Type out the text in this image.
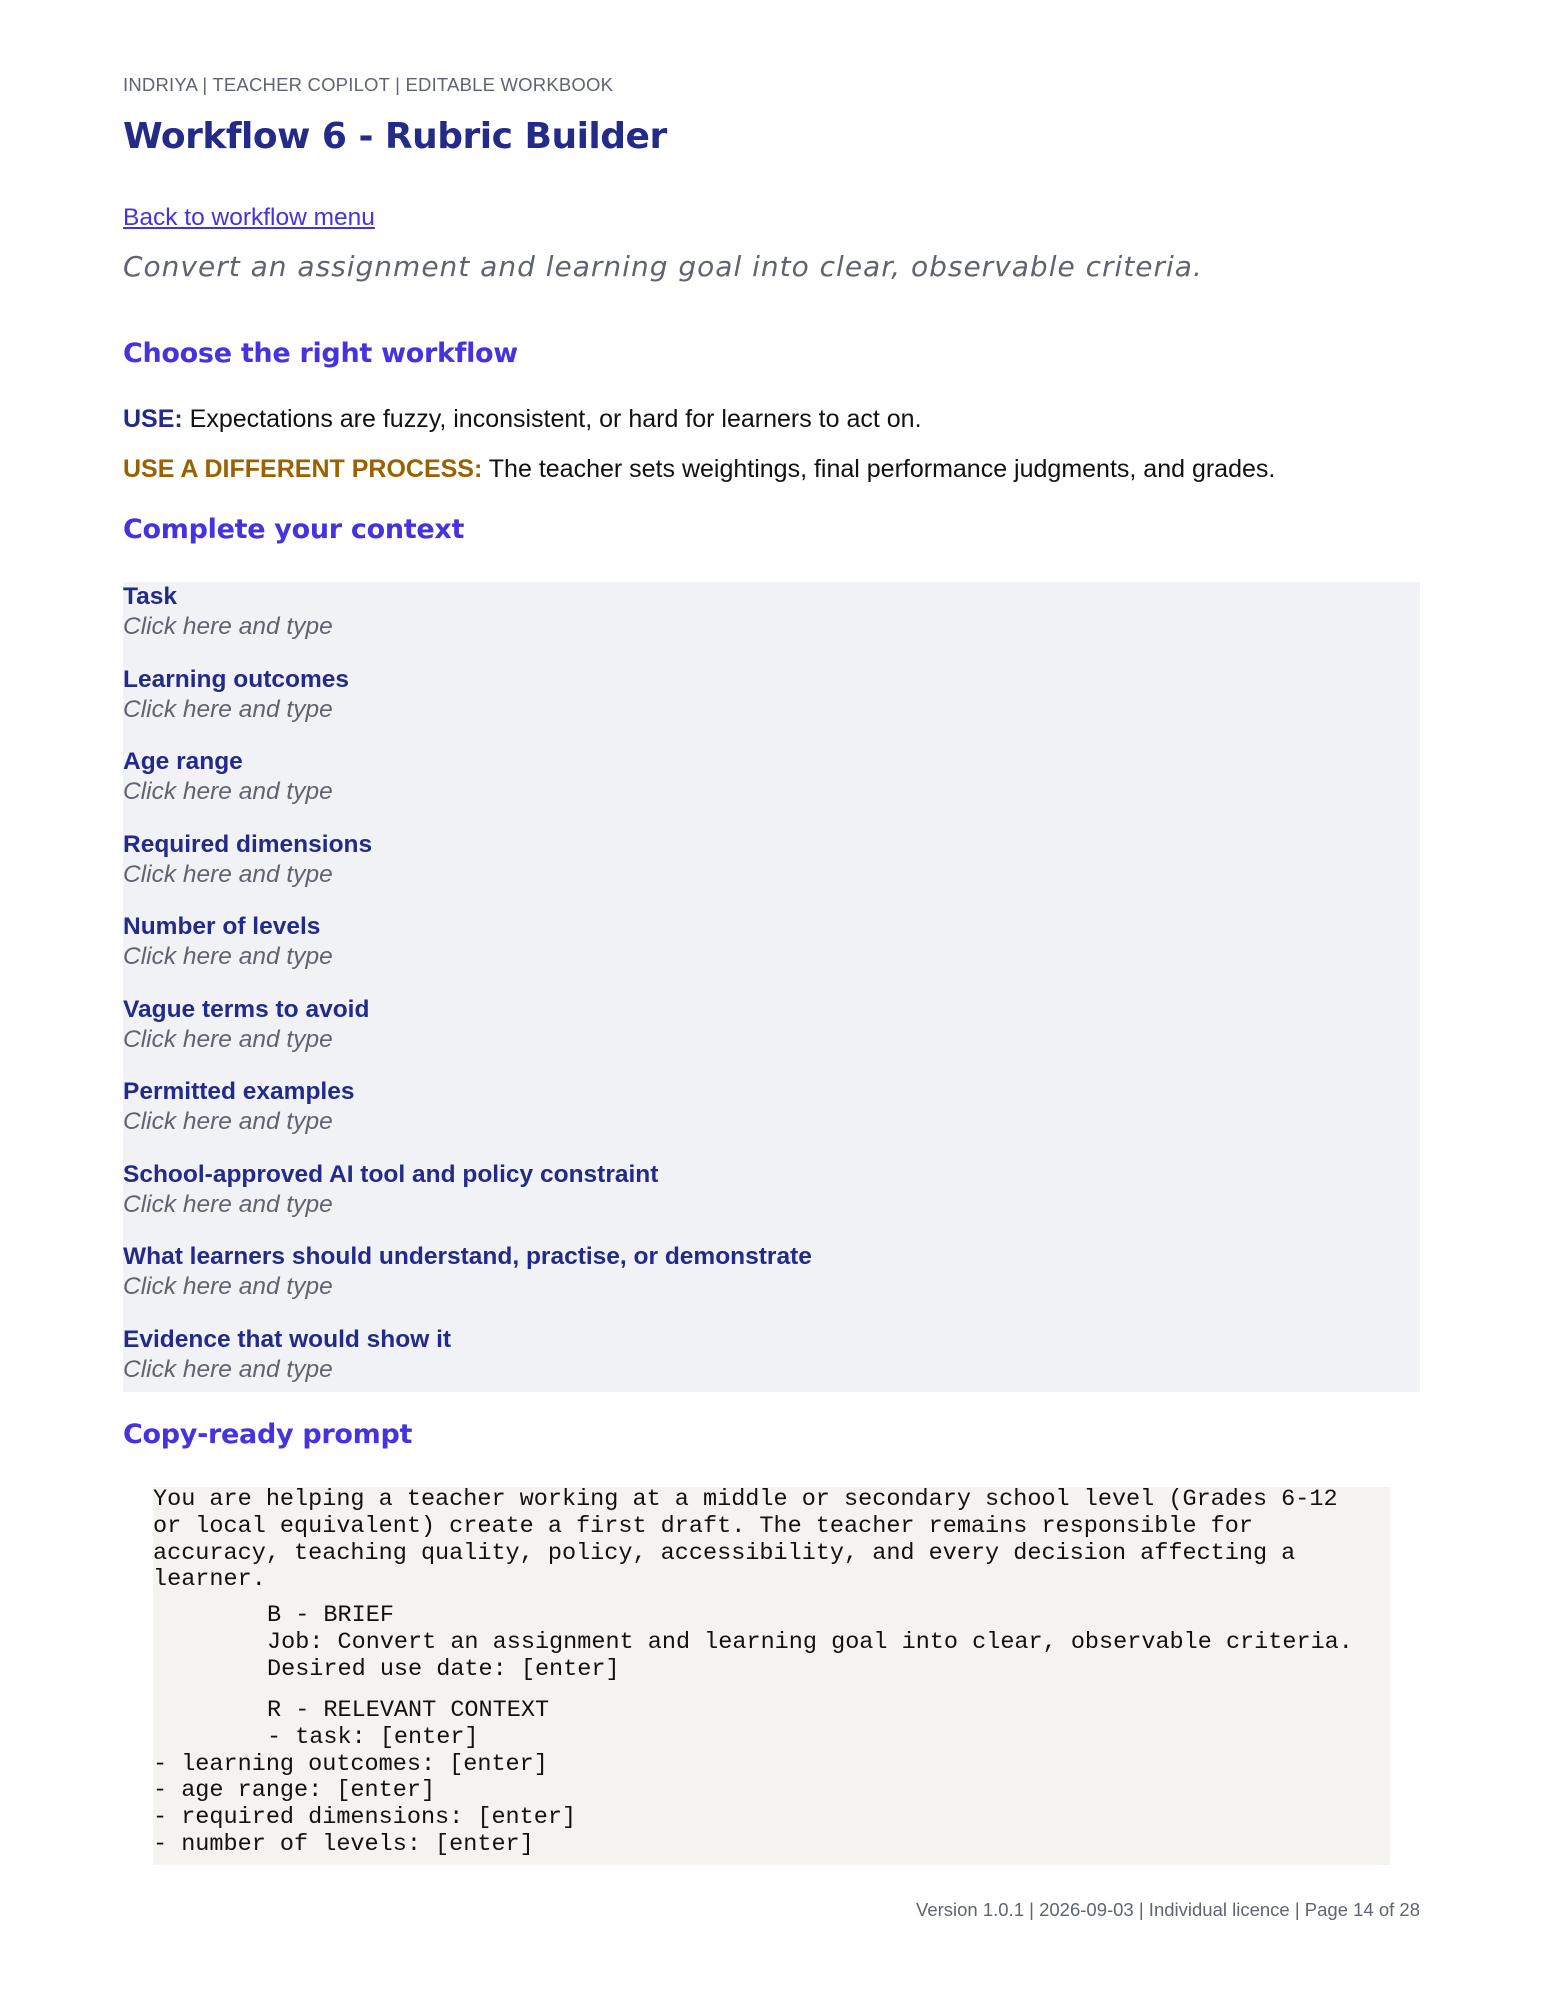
INDRIYA | TEACHER COPILOT | EDITABLE WORKBOOK
Workflow 6 - Rubric Builder
Back to workflow menu
Convert an assignment and learning goal into clear, observable criteria.
Choose the right workflow
USE: Expectations are fuzzy, inconsistent, or hard for learners to act on.
USE A DIFFERENT PROCESS: The teacher sets weightings, final performance judgments, and grades.
Complete your context
Task
Click here and type
Learning outcomes
Click here and type
Age range
Click here and type
Required dimensions
Click here and type
Number of levels
Click here and type
Vague terms to avoid
Click here and type
Permitted examples
Click here and type
School-approved AI tool and policy constraint
Click here and type
What learners should understand, practise, or demonstrate
Click here and type
Evidence that would show it
Click here and type
Copy-ready prompt
You are helping a teacher working at a middle or secondary school level (Grades 6-12
or local equivalent) create a first draft. The teacher remains responsible for
accuracy, teaching quality, policy, accessibility, and every decision affecting a
learner.
B - BRIEF
Job: Convert an assignment and learning goal into clear, observable criteria.
Desired use date: [enter]
R - RELEVANT CONTEXT
- task: [enter]
- learning outcomes: [enter]
- age range: [enter]
- required dimensions: [enter]
- number of levels: [enter]
Version 1.0.1 | 2026-09-03 | Individual licence | Page 14 of 28
